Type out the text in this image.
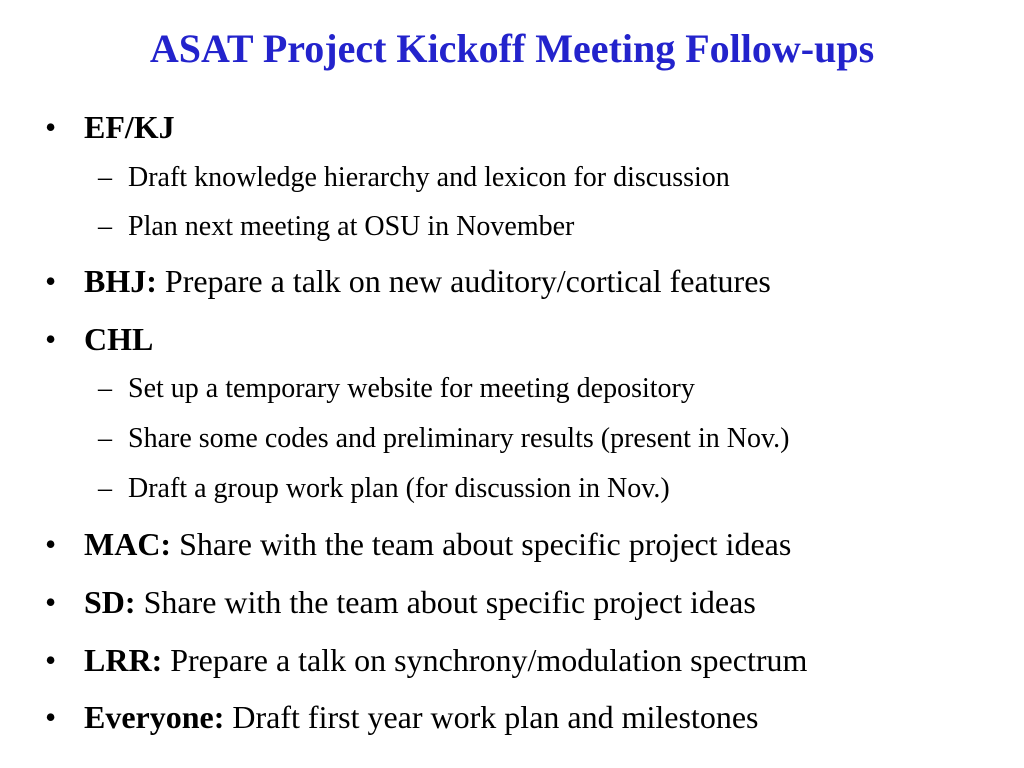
ASAT Project Kickoff Meeting Follow-ups
• EF/KJ
– Draft knowledge hierarchy and lexicon for discussion
– Plan next meeting at OSU in November
• BHJ: Prepare a talk on new auditory/cortical features
• CHL
– Set up a temporary website for meeting depository
– Share some codes and preliminary results (present in Nov.)
– Draft a group work plan (for discussion in Nov.)
• MAC: Share with the team about specific project ideas
• SD: Share with the team about specific project ideas
• LRR: Prepare a talk on synchrony/modulation spectrum
• Everyone: Draft first year work plan and milestones
